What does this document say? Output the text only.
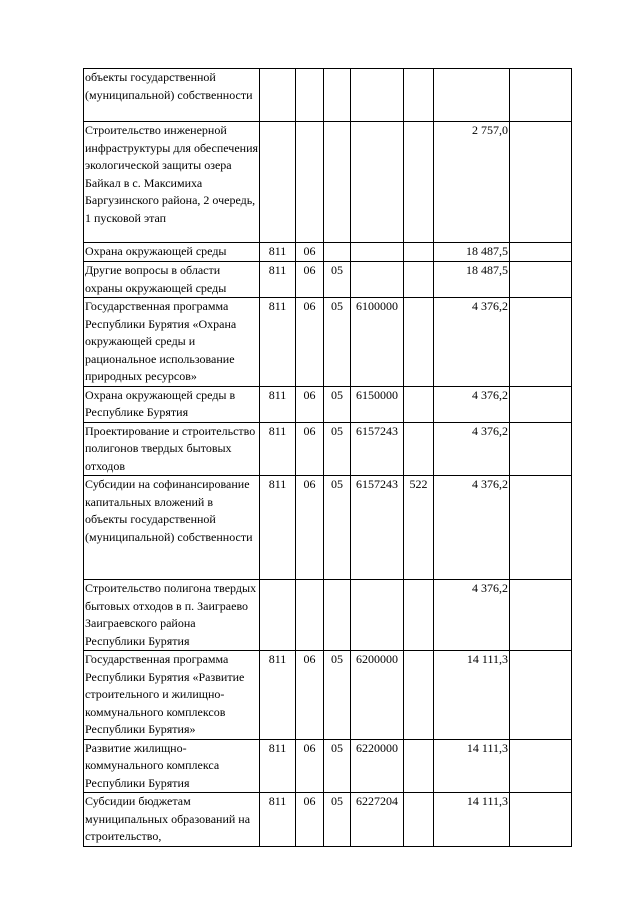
объекты государственной (муниципальной) собственности							
Строительство инженерной инфраструктуры для обеспечения экологической защиты озера Байкал в с. Максимиха Баргузинского района, 2 очередь, 1 пусковой этап						2 757,0	
Охрана окружающей среды	811	06				18 487,5	
Другие вопросы в области охраны окружающей среды	811	06	05			18 487,5	
Государственная программа Республики Бурятия «Охрана окружающей среды и рациональное использование природных ресурсов»	811	06	05	6100000		4 376,2	
Охрана окружающей среды в Республике Бурятия	811	06	05	6150000		4 376,2	
Проектирование и строительство полигонов твердых бытовых отходов	811	06	05	6157243		4 376,2	
Субсидии на софинансирование капитальных вложений в объекты государственной (муниципальной) собственности	811	06	05	6157243	522	4 376,2	
Строительство полигона твердых бытовых отходов в п. Заиграево Заиграевского района Республики Бурятия						4 376,2	
Государственная программа Республики Бурятия «Развитие строительного и жилищно-коммунального комплексов Республики Бурятия»	811	06	05	6200000		14 111,3	
Развитие жилищно-коммунального комплекса Республики Бурятия	811	06	05	6220000		14 111,3	
Субсидии бюджетам муниципальных образований на строительство,	811	06	05	6227204		14 111,3	
